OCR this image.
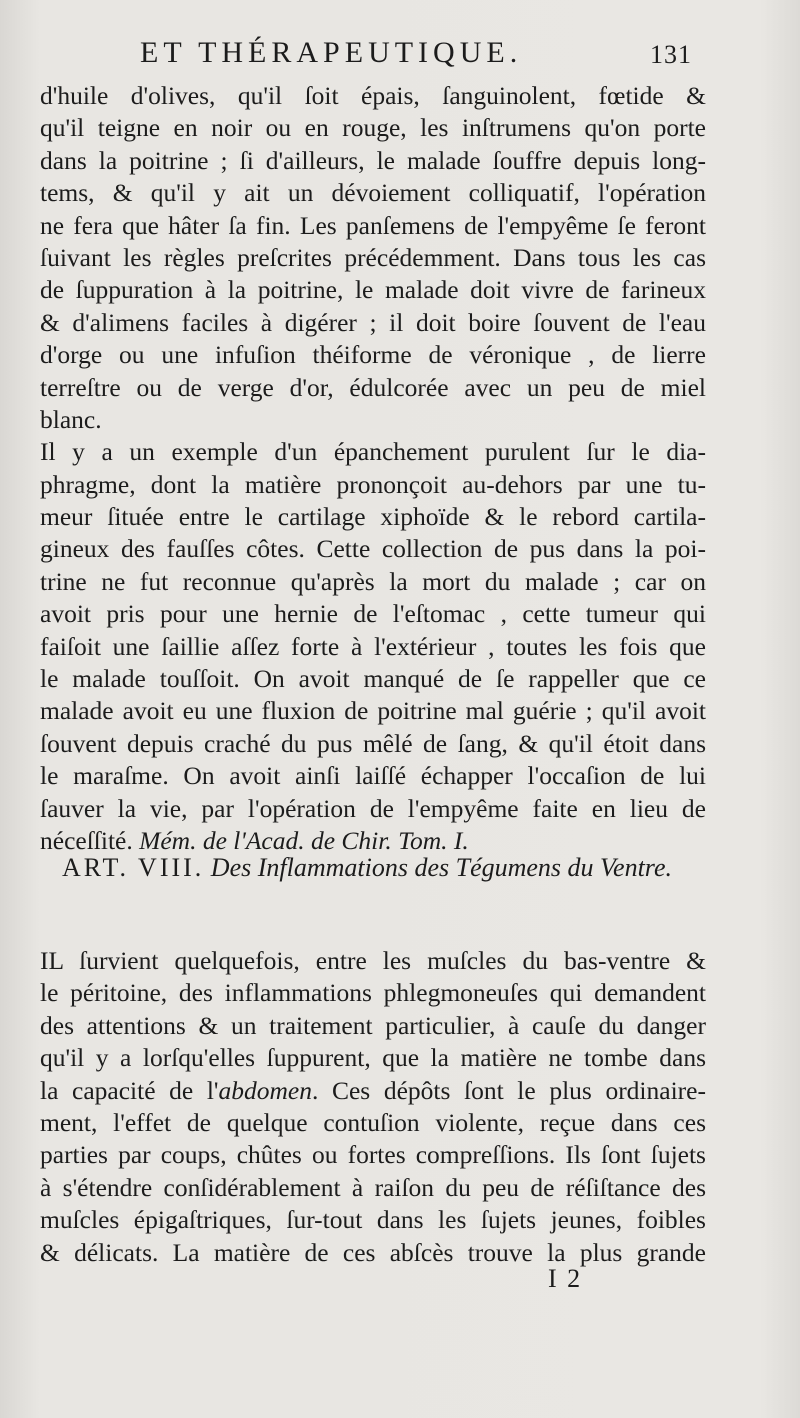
ET THÉRAPEUTIQUE.	131
d'huile d'olives, qu'il ſoit épais, ſanguinolent, fœtide &
qu'il teigne en noir ou en rouge, les inſtrumens qu'on porte
dans la poitrine ; ſi d'ailleurs, le malade ſouffre depuis long-
tems, & qu'il y ait un dévoiement colliquatif, l'opération
ne fera que hâter ſa fin. Les panſemens de l'empyême ſe feront
ſuivant les règles preſcrites précédemment. Dans tous les cas
de ſuppuration à la poitrine, le malade doit vivre de farineux
& d'alimens faciles à digérer ; il doit boire ſouvent de l'eau
d'orge ou une infuſion théiforme de véronique , de lierre
terreſtre ou de verge d'or, édulcorée avec un peu de miel
blanc.
Il y a un exemple d'un épanchement purulent ſur le dia-
phragme, dont la matière prononçoit au-dehors par une tu-
meur ſituée entre le cartilage xiphoïde & le rebord cartila-
gineux des fauſſes côtes. Cette collection de pus dans la poi-
trine ne fut reconnue qu'après la mort du malade ; car on
avoit pris pour une hernie de l'eſtomac , cette tumeur qui
faiſoit une ſaillie aſſez forte à l'extérieur , toutes les fois que
le malade touſſoit. On avoit manqué de ſe rappeller que ce
malade avoit eu une fluxion de poitrine mal guérie ; qu'il avoit
ſouvent depuis craché du pus mêlé de ſang, & qu'il étoit dans
le maraſme. On avoit ainſi laiſſé échapper l'occaſion de lui
ſauver la vie, par l'opération de l'empyême faite en lieu de
néceſſité. Mém. de l'Acad. de Chir. Tom. I.
ART. VIII. Des Inflammations des Tégumens du Ventre.
IL ſurvient quelquefois, entre les muſcles du bas-ventre &
le péritoine, des inflammations phlegmoneuſes qui demandent
des attentions & un traitement particulier, à cauſe du danger
qu'il y a lorſqu'elles ſuppurent, que la matière ne tombe dans
la capacité de l'abdomen. Ces dépôts ſont le plus ordinaire-
ment, l'effet de quelque contuſion violente, reçue dans ces
parties par coups, chûtes ou fortes compreſſions. Ils ſont ſujets
à s'étendre conſidérablement à raiſon du peu de réſiſtance des
muſcles épigaſtriques, ſur-tout dans les ſujets jeunes, foibles
& délicats. La matière de ces abſcès trouve la plus grande
I 2
